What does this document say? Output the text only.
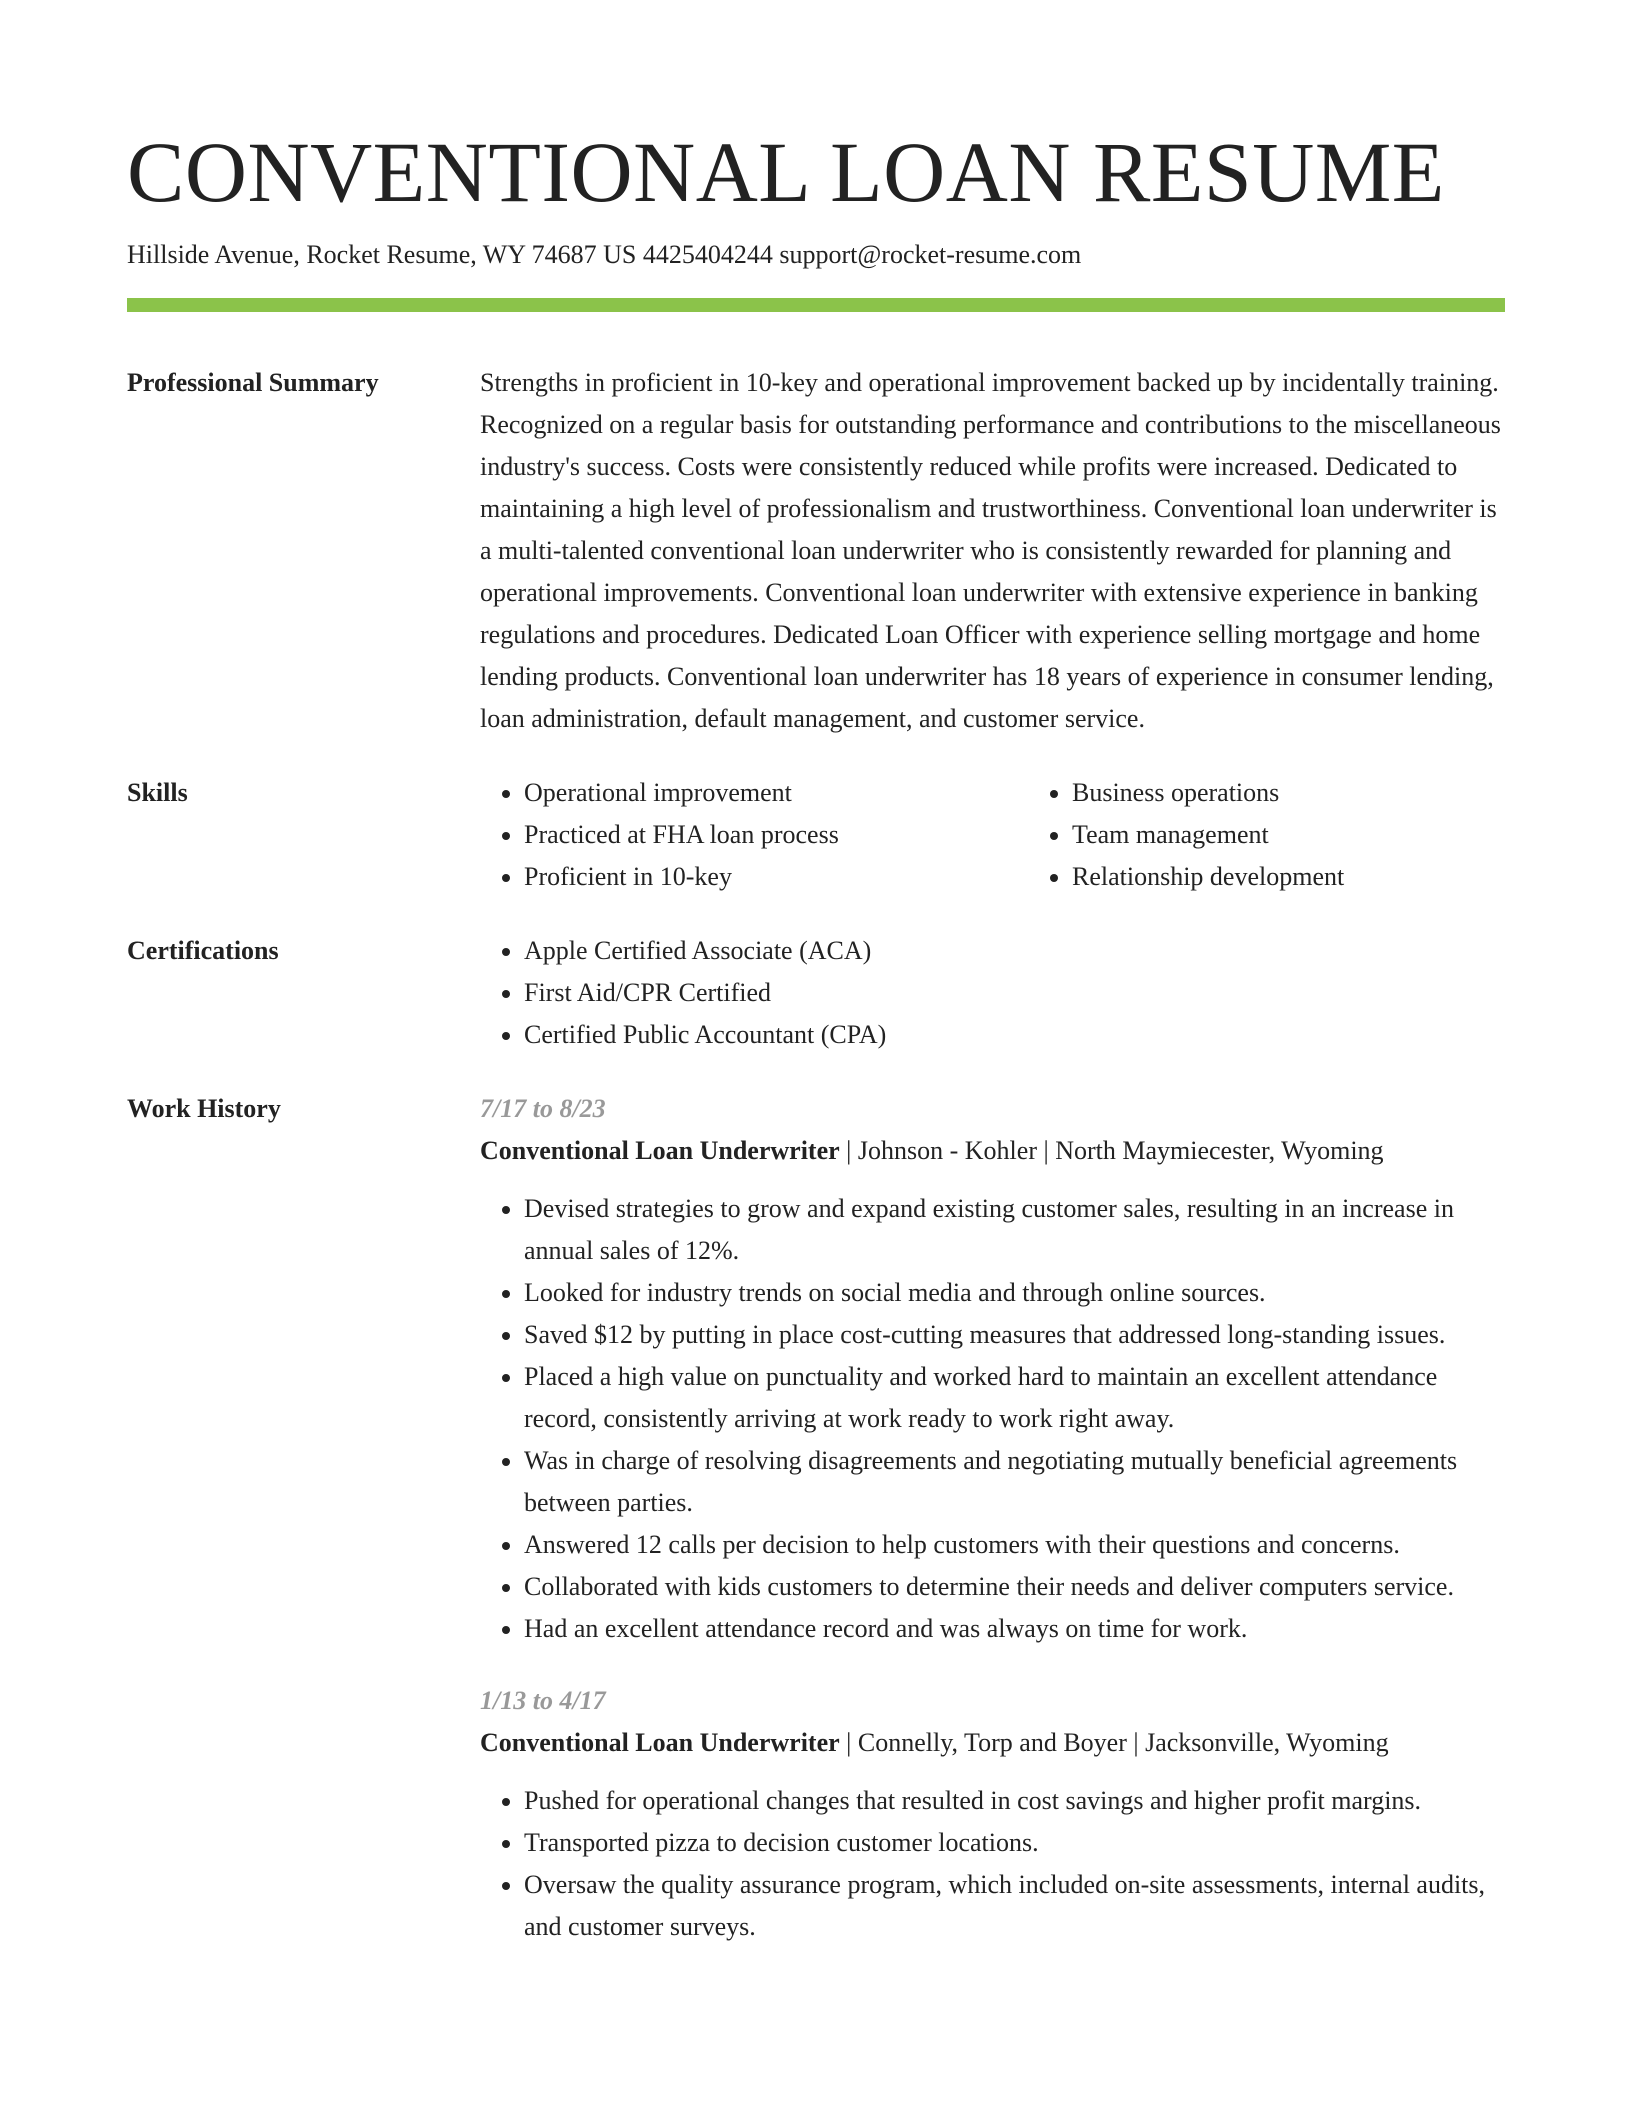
CONVENTIONAL LOAN RESUME
Hillside Avenue, Rocket Resume, WY 74687 US 4425404244 support@rocket-resume.com
Professional Summary	Strengths in proficient in 10-key and operational improvement backed up by incidentally training. Recognized on a regular basis for outstanding performance and contributions to the miscellaneous industry's success. Costs were consistently reduced while profits were increased. Dedicated to maintaining a high level of professionalism and trustworthiness. Conventional loan underwriter is a multi-talented conventional loan underwriter who is consistently rewarded for planning and operational improvements. Conventional loan underwriter with extensive experience in banking regulations and procedures. Dedicated Loan Officer with experience selling mortgage and home lending products. Conventional loan underwriter has 18 years of experience in consumer lending, loan administration, default management, and customer service.

Skills	• Operational improvement
• Practiced at FHA loan process
• Proficient in 10-key
• Business operations
• Team management
• Relationship development
Certifications	• Apple Certified Associate (ACA)
• First Aid/CPR Certified
• Certified Public Accountant (CPA)
Work History	7/17 to 8/23
Conventional Loan Underwriter | Johnson - Kohler | North Maymiecester, Wyoming
• Devised strategies to grow and expand existing customer sales, resulting in an increase in annual sales of 12%.
• Looked for industry trends on social media and through online sources.
• Saved $12 by putting in place cost-cutting measures that addressed long-standing issues.
• Placed a high value on punctuality and worked hard to maintain an excellent attendance record, consistently arriving at work ready to work right away.
• Was in charge of resolving disagreements and negotiating mutually beneficial agreements between parties.
• Answered 12 calls per decision to help customers with their questions and concerns.
• Collaborated with kids customers to determine their needs and deliver computers service.
• Had an excellent attendance record and was always on time for work.
1/13 to 4/17
Conventional Loan Underwriter | Connelly, Torp and Boyer | Jacksonville, Wyoming
• Pushed for operational changes that resulted in cost savings and higher profit margins.
• Transported pizza to decision customer locations.
• Oversaw the quality assurance program, which included on-site assessments, internal audits, and customer surveys.
